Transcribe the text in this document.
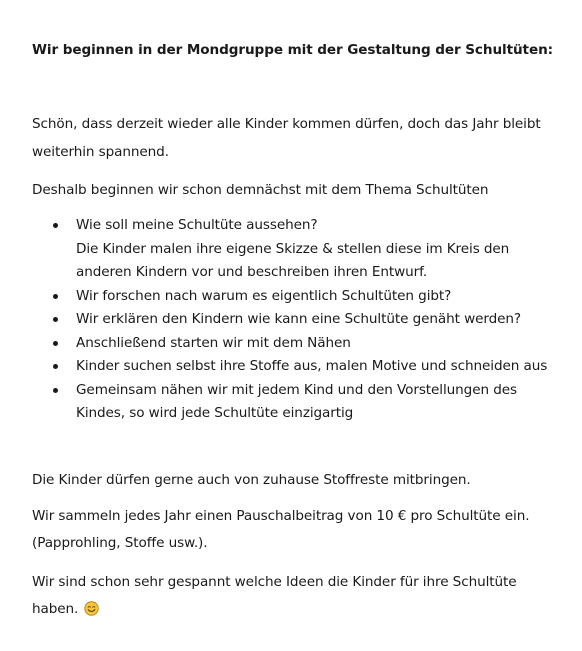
Wir beginnen in der Mondgruppe mit der Gestaltung der Schultüten:
Schön, dass derzeit wieder alle Kinder kommen dürfen, doch das Jahr bleibt
weiterhin spannend.
Deshalb beginnen wir schon demnächst mit dem Thema Schultüten
Wie soll meine Schultüte aussehen?
Die Kinder malen ihre eigene Skizze & stellen diese im Kreis den
anderen Kindern vor und beschreiben ihren Entwurf.
Wir forschen nach warum es eigentlich Schultüten gibt?
Wir erklären den Kindern wie kann eine Schultüte genäht werden?
Anschließend starten wir mit dem Nähen
Kinder suchen selbst ihre Stoffe aus, malen Motive und schneiden aus
Gemeinsam nähen wir mit jedem Kind und den Vorstellungen des
Kindes, so wird jede Schultüte einzigartig
Die Kinder dürfen gerne auch von zuhause Stoffreste mitbringen.
Wir sammeln jedes Jahr einen Pauschalbeitrag von 10 € pro Schultüte ein.
(Papprohling, Stoffe usw.).
Wir sind schon sehr gespannt welche Ideen die Kinder für ihre Schultüte
haben.
